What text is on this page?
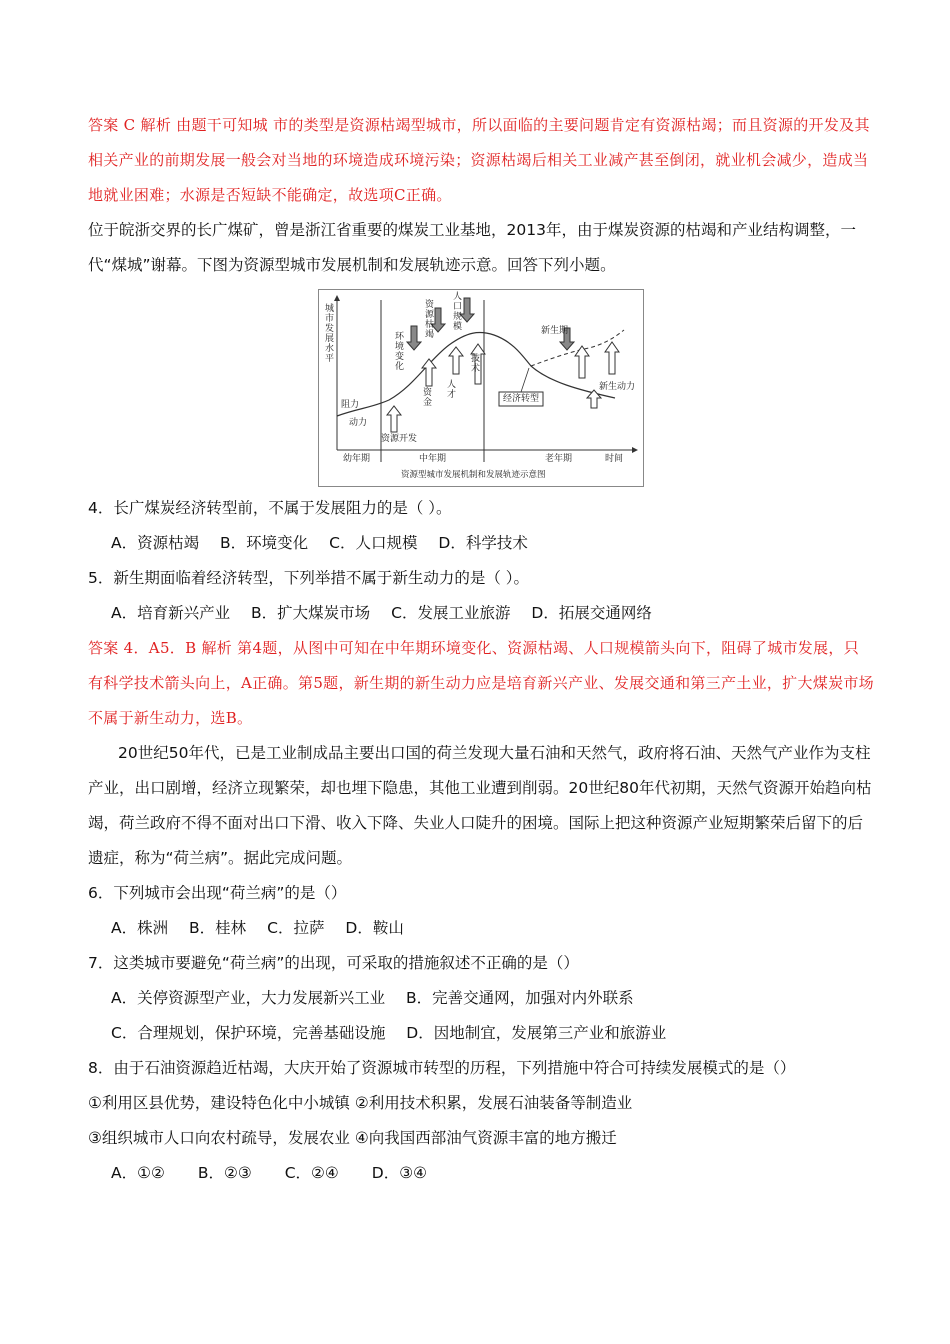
答案 C 解析 由题干可知城 市的类型是资源枯竭型城市，所以面临的主要问题肯定有资源枯竭；而且资源的开发及其相关产业的前期发展一般会对当地的环境造成环境污染；资源枯竭后相关工业减产甚至倒闭，就业机会减少，造成当地就业困难；水源是否短缺不能确定，故选项C正确。

位于皖浙交界的长广煤矿，曾是浙江省重要的煤炭工业基地，2013年，由于煤炭资源的枯竭和产业结构调整，一代“煤城”谢幕。下图为资源型城市发展机制和发展轨迹示意。回答下列小题。

城市发展水平
阻力
动力
环境变化
资源枯竭
人口规模	新生期
技术
人才
资金
资源开发
经济转型
新生动力
幼年期	中年期	老年期	时间
资源型城市发展机制和发展轨迹示意图

4．长广煤炭经济转型前，不属于发展阻力的是（ ）。

A．资源枯竭 B．环境变化 C．人口规模 D．科学技术

5．新生期面临着经济转型，下列举措不属于新生动力的是（ ）。

A．培育新兴产业 B．扩大煤炭市场 C．发展工业旅游 D．拓展交通网络

答案 4．A5．B 解析 第4题，从图中可知在中年期环境变化、资源枯竭、人口规模箭头向下，阻碍了城市发展，只有科学技术箭头向上，A正确。第5题，新生期的新生动力应是培育新兴产业、发展交通和第三产土业，扩大煤炭市场不属于新生动力，选B。

20世纪50年代，已是工业制成品主要出口国的荷兰发现大量石油和天然气，政府将石油、天然气产业作为支柱产业，出口剧增，经济立现繁荣，却也埋下隐患，其他工业遭到削弱。20世纪80年代初期，天然气资源开始趋向枯竭，荷兰政府不得不面对出口下滑、收入下降、失业人口陡升的困境。国际上把这种资源产业短期繁荣后留下的后遗症，称为“荷兰病”。据此完成问题。

6．下列城市会出现“荷兰病”的是（）

A．株洲 B．桂林 C．拉萨 D．鞍山

7．这类城市要避免“荷兰病”的出现，可采取的措施叙述不正确的是（）

A．关停资源型产业，大力发展新兴工业 B．完善交通网，加强对内外联系

C．合理规划，保护环境，完善基础设施 D．因地制宜，发展第三产业和旅游业

8．由于石油资源趋近枯竭，大庆开始了资源城市转型的历程，下列措施中符合可持续发展模式的是（）

①利用区县优势，建设特色化中小城镇 ②利用技术积累，发展石油装备等制造业

③组织城市人口向农村疏导，发展农业 ④向我国西部油气资源丰富的地方搬迁

A．①② B．②③ C．②④ D．③④
